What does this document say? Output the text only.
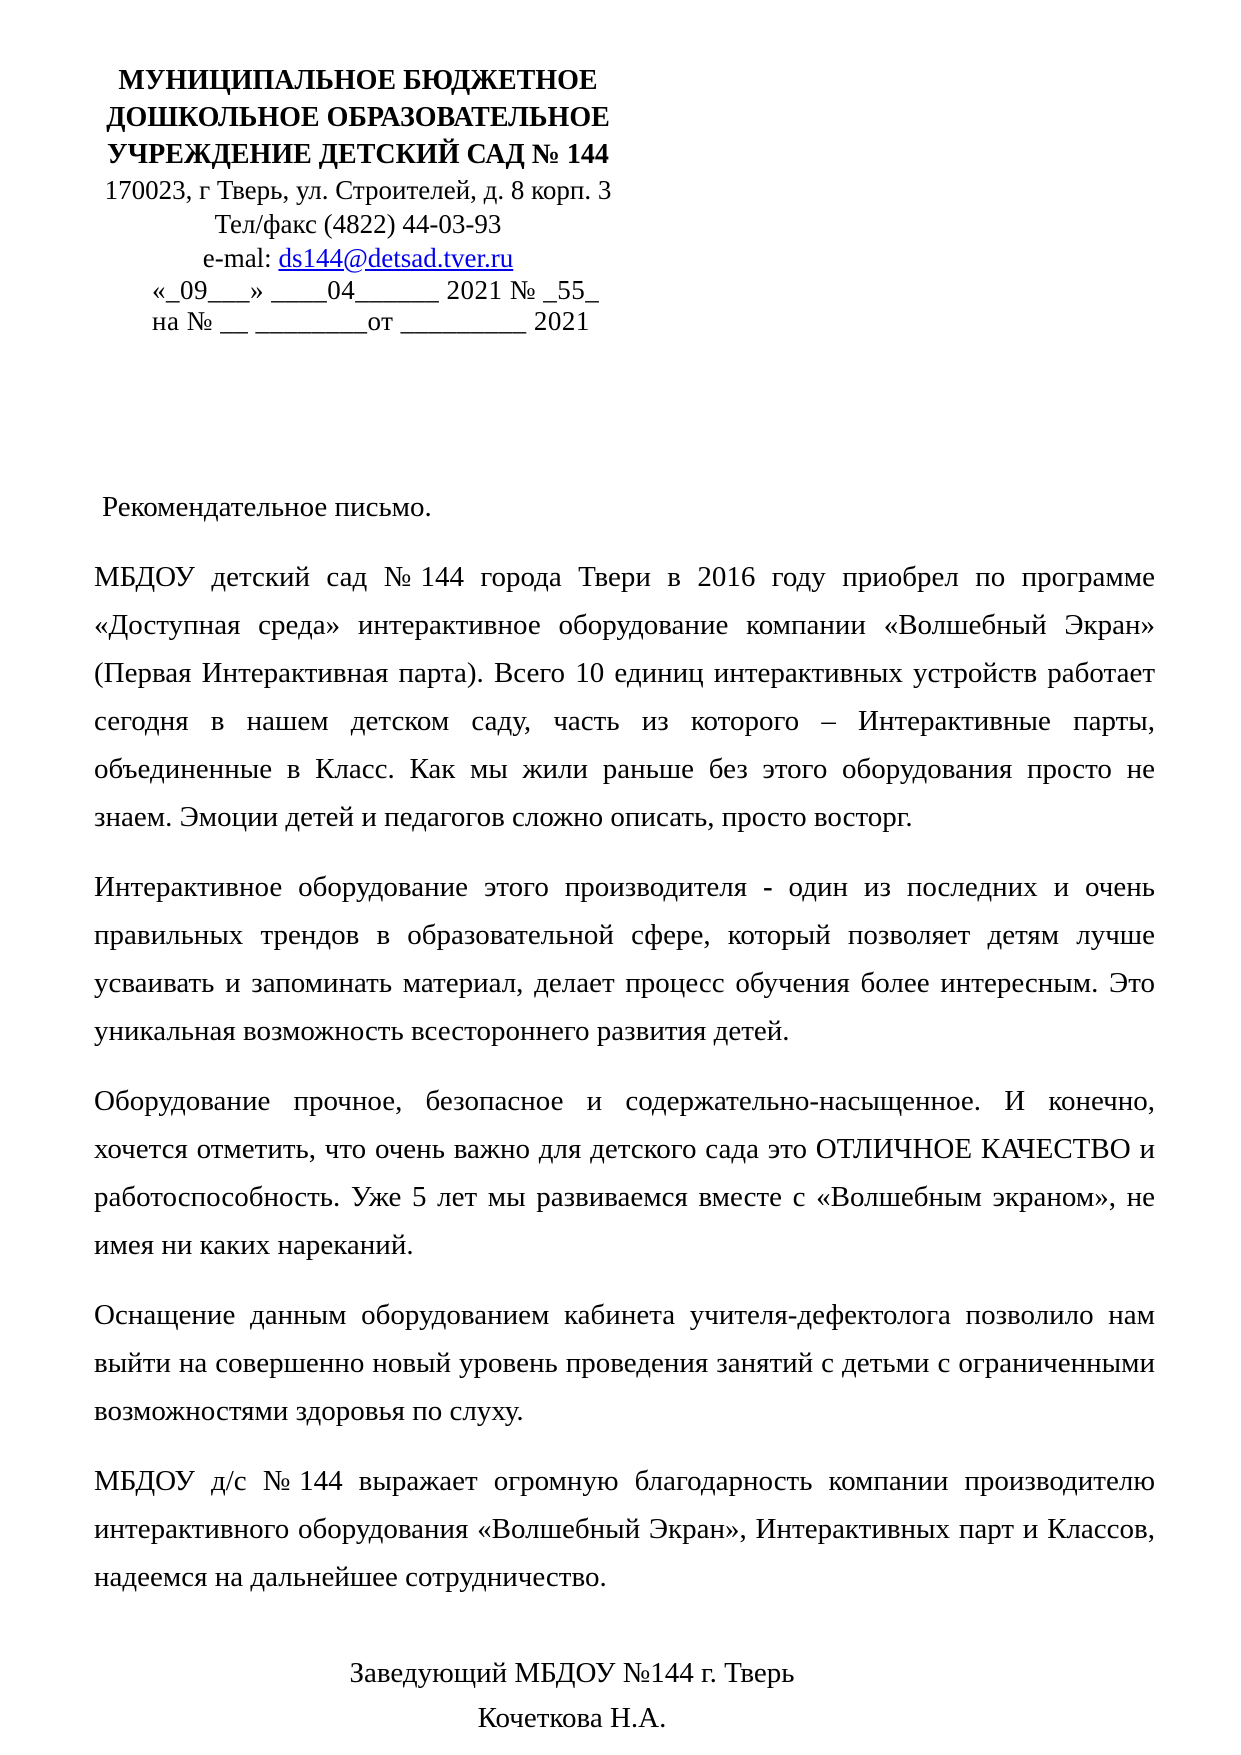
МУНИЦИПАЛЬНОЕ БЮДЖЕТНОЕ
ДОШКОЛЬНОЕ ОБРАЗОВАТЕЛЬНОЕ
УЧРЕЖДЕНИЕ ДЕТСКИЙ САД № 144
170023, г Тверь, ул. Строителей, д. 8 корп. 3
Тел/факс (4822) 44-03-93
e-mal: ds144@detsad.tver.ru
«_09___» ____04______ 2021 № _55_
на № __ ________от _________ 2021

Рекомендательное письмо.

МБДОУ детский сад №144 города Твери в 2016 году приобрел по программе «Доступная среда» интерактивное оборудование компании «Волшебный Экран» (Первая Интерактивная парта). Всего 10 единиц интерактивных устройств работает сегодня в нашем детском саду, часть из которого – Интерактивные парты, объединенные в Класс. Как мы жили раньше без этого оборудования просто не знаем. Эмоции детей и педагогов сложно описать, просто восторг.

Интерактивное оборудование этого производителя - один из последних и очень правильных трендов в образовательной сфере, который позволяет детям лучше усваивать и запоминать материал, делает процесс обучения более интересным. Это уникальная возможность всестороннего развития детей.

Оборудование прочное, безопасное и содержательно-насыщенное. И конечно, хочется отметить, что очень важно для детского сада это ОТЛИЧНОЕ КАЧЕСТВО и работоспособность. Уже 5 лет мы развиваемся вместе с «Волшебным экраном», не имея ни каких нареканий.

Оснащение данным оборудованием кабинета учителя-дефектолога позволило нам выйти на совершенно новый уровень проведения занятий с детьми с ограниченными возможностями здоровья по слуху.

МБДОУ д/с №144 выражает огромную благодарность компании производителю интерактивного оборудования «Волшебный Экран», Интерактивных парт и Классов, надеемся на дальнейшее сотрудничество.

Заведующий МБДОУ №144 г. Тверь
Кочеткова Н.А.
